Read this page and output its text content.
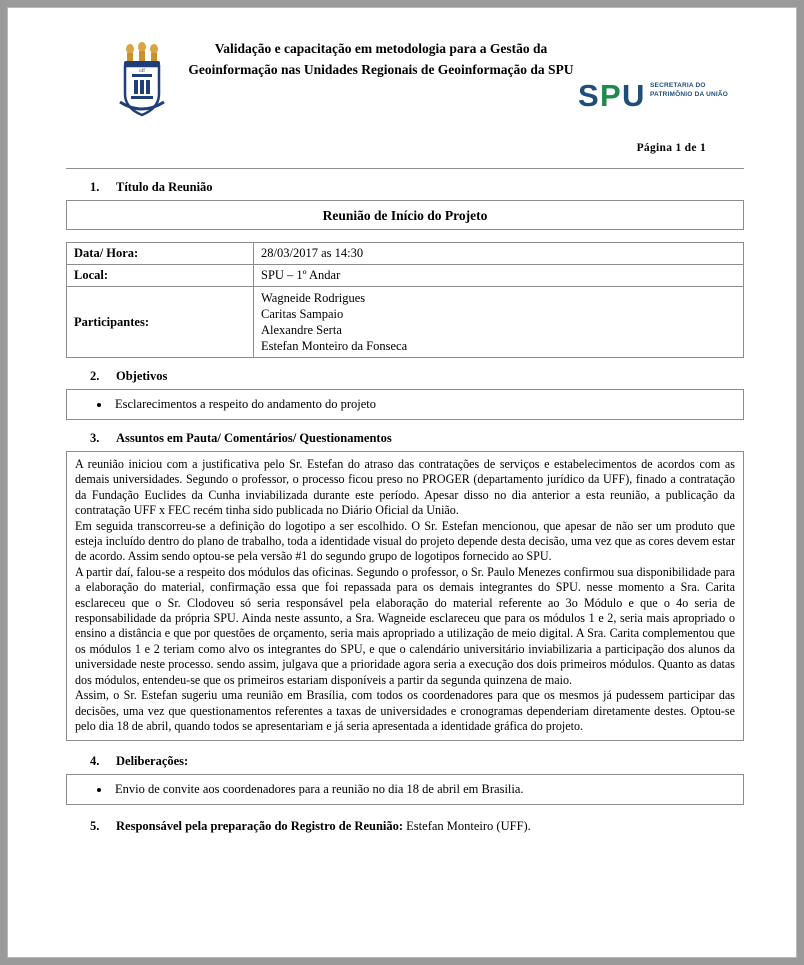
uff
Validação e capacitação em metodologia para a Gestão da Geoinformação nas Unidades Regionais de Geoinformação da SPU
S P U SECRETARIA DO
PATRIMÔNIO DA UNIÃO
Página 1 de 1
1. Título da Reunião
Reunião de Início do Projeto
Data/ Hora:	28/03/2017 as 14:30
Local:	SPU – 1º Andar
Participantes:	Wagneide Rodrigues
Caritas Sampaio
Alexandre Serta
Estefan Monteiro da Fonseca
2. Objetivos
• Esclarecimentos a respeito do andamento do projeto
3. Assuntos em Pauta/ Comentários/ Questionamentos

A reunião iniciou com a justificativa pelo Sr. Estefan do atraso das contratações de serviços e estabelecimentos de acordos com as demais universidades. Segundo o professor, o processo ficou preso no PROGER (departamento jurídico da UFF), finado a contratação da Fundação Euclides da Cunha inviabilizada durante este período. Apesar disso no dia anterior a esta reunião, a publicação da contratação UFF x FEC recém tinha sido publicada no Diário Oficial da União.

Em seguida transcorreu-se a definição do logotipo a ser escolhido. O Sr. Estefan mencionou, que apesar de não ser um produto que esteja incluído dentro do plano de trabalho, toda a identidade visual do projeto depende desta decisão, uma vez que as cores devem estar de acordo. Assim sendo optou-se pela versão #1 do segundo grupo de logotipos fornecido ao SPU.

A partir daí, falou-se a respeito dos módulos das oficinas. Segundo o professor, o Sr. Paulo Menezes confirmou sua disponibilidade para a elaboração do material, confirmação essa que foi repassada para os demais integrantes do SPU. nesse momento a Sra. Carita esclareceu que o Sr. Clodoveu só seria responsável pela elaboração do material referente ao 3o Módulo e que o 4o seria de responsabilidade da própria SPU. Ainda neste assunto, a Sra. Wagneide esclareceu que para os módulos 1 e 2, seria mais apropriado o ensino a distância e que por questões de orçamento, seria mais apropriado a utilização de meio digital. A Sra. Carita complementou que os módulos 1 e 2 teriam como alvo os integrantes do SPU, e que o calendário universitário inviabilizaria a participação dos alunos da universidade neste processo. sendo assim, julgava que a prioridade agora seria a execução dos dois primeiros módulos. Quanto as datas dos módulos, entendeu-se que os primeiros estariam disponíveis a partir da segunda quinzena de maio.

Assim, o Sr. Estefan sugeriu uma reunião em Brasília, com todos os coordenadores para que os mesmos já pudessem participar das decisões, uma vez que questionamentos referentes a taxas de universidades e cronogramas dependeriam diretamente destes. Optou-se pelo dia 18 de abril, quando todos se apresentariam e já seria apresentada a identidade gráfica do projeto.

4. Deliberações:
• Envio de convite aos coordenadores para a reunião no dia 18 de abril em Brasilia.
5. Responsável pela preparação do Registro de Reunião: Estefan Monteiro (UFF).
